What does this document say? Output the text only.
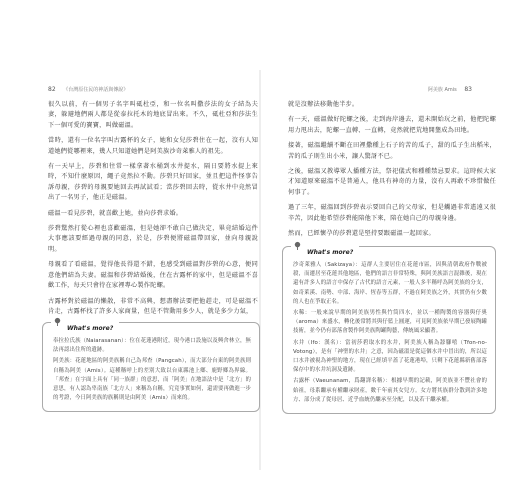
82 《台灣原住民的神話與傳說》	阿美族 Amis 83

很久以前，有一個男子名字叫砥杜亞，和一位名叫撒莎法的女子結為夫妻，躲避地們兩人都是從泰拉托木的地底冒出來。不久，砥杜亞和莎法生下一個可愛的寶寶，叫做磁溫。

當時，還有一位名字叫古露杯的女子，她和女兒莎碧住在一起，沒有人知道她們從哪裡來，幾人只知道她們是阿美族沙奇萊雅人的祖先。

有一天早上，莎碧和往常一樣拿著水桶到水井提水，隔日要將水提上來時，不知什麼原因，繩子竟然拉不動。莎碧只好回家，並且把這件怪事告訴母親，莎碧的母親要她回去再試試看；當莎碧回去時，從水井中竟然冒出了一名男子，他正是磁溫。

磁溫一看見莎碧，就喜歡上她，並向莎碧求婚。

莎碧驚然打從心裡也喜歡磁溫，但是她卻不敢自己做決定，畢竟結婚這件大事應該要經過母親的同意，於是，莎碧便將磁溫帶回家，並向母親說明。

母親看了看磁溫，覺得他長得還不錯，也感受到磁溫對莎碧的心意，便同意他們結為夫妻。磁溫和莎碧結婚後，住在古露杯的家中，但是磁溫不喜歡工作，每天只會待在家裡專心製作陀螺。

古露杯對於磁溫的懶散，非常不高興，想盡辦法要把他趕走，可是磁溫不肯走，古露杯找了許多人家商量，但是不管動用多少人，就是多少力氣，

What's more?

奉拉拉氏族（Naiarasanan）：位在花蓮港附近，現今港口設施以及興舍林立，無法再認出住所的遺跡。

阿美族：花蓮地區的阿美族稱自己為邦查（Pangcah），而大部分台東的阿美族則自稱為阿美（Amis）。這種稱呼上的差別大致以台東縣池上鄉、鹿野鄉為界線。「邦查」在字面上具有「同一族群」的意思，而「阿美」在地語法中是「北方」的意思，有人認為卑南族「北方人」來稱為自稱，究竟事實如何，還需要再做進一步的考證，今日阿美族的族稱則是由阿美（Amis）而來的。

就是沒辦法移動他半步。

有一天，磁溫做好陀螺之後，走到海岸邊去，還未開始玩之前，他把陀螺用力甩出去，陀螺一直轉、一直轉，竟然就把荒地開墾成為田地。

接著，磁溫繼續不斷在田裡撒種上石子的苦的瓜子，甜的瓜子生出稻米，苦的瓜子則生出小米，讓人驚訝不已。

之後，磁溫又教導眾人播種方法，祭祀儀式和種種禁忌要求。這時候大家才知道原來磁溫不是普通人，他具有神奇的力量，沒有人再敢不珍惜做任何事了。

過了三年，磁溫回到莎碧表示要回自己的父母家，但是觸過非常遙遠又很辛苦，因此他希望莎碧能陪他下來，陪在她自己的母親身邊。

然而，已經懷孕的莎碧還是堅持要跟磁溫一起回家。

What's more?

沙奇萊雅人（Sakizaya）：這群人主要居住在花蓮市區，因與清朝政府作戰被殺，而遷居至花蓮其他地區，他們的語言非常特殊，與阿美族語言混雜後，現在還有許多人的語言中保存了古代的語言元素，一般人多半稱呼為阿美族的分支，如奇萊溪、南勢、中部、海岸、恆春等五群，不過在阿美族之外，其實仍有少數的人也在爭取正名。

水稀：一般來說早期的阿美族男性與竹筒四水，並以一種陶製的容器與仔奧（aroma）來盛水，轉化後常將其與仔籃上圓運，可見阿美族依早期已發展陶罐技術，並今仍有部落會製作阿美族陶罐陶藝，傳統風采顯著。

水井（Ifo：漢名）：當初莎碧取水的水井，阿美族人稱為舔腳嘻（Tfon-no-Votong），是有「神聖的水井」之意，因為磁溫是從這個水井中冒出的，所以這口水井被視為神聖的地方，現在已經填平蓋了花蓮港埠，只剩下花蓮縣新舊部落保存中的水井坑洞及遺跡。

古露杯（Vaeunanam，爲翻譯名稱）：根據早期的記載，阿美族並不豐社會的始祖，母系繼承有權繼承財產，數千年前其女兒方。女方將其族群分散到許多地方、部分成了從母居、近乎血統仍繼承至分配，以及若干繼承權。
